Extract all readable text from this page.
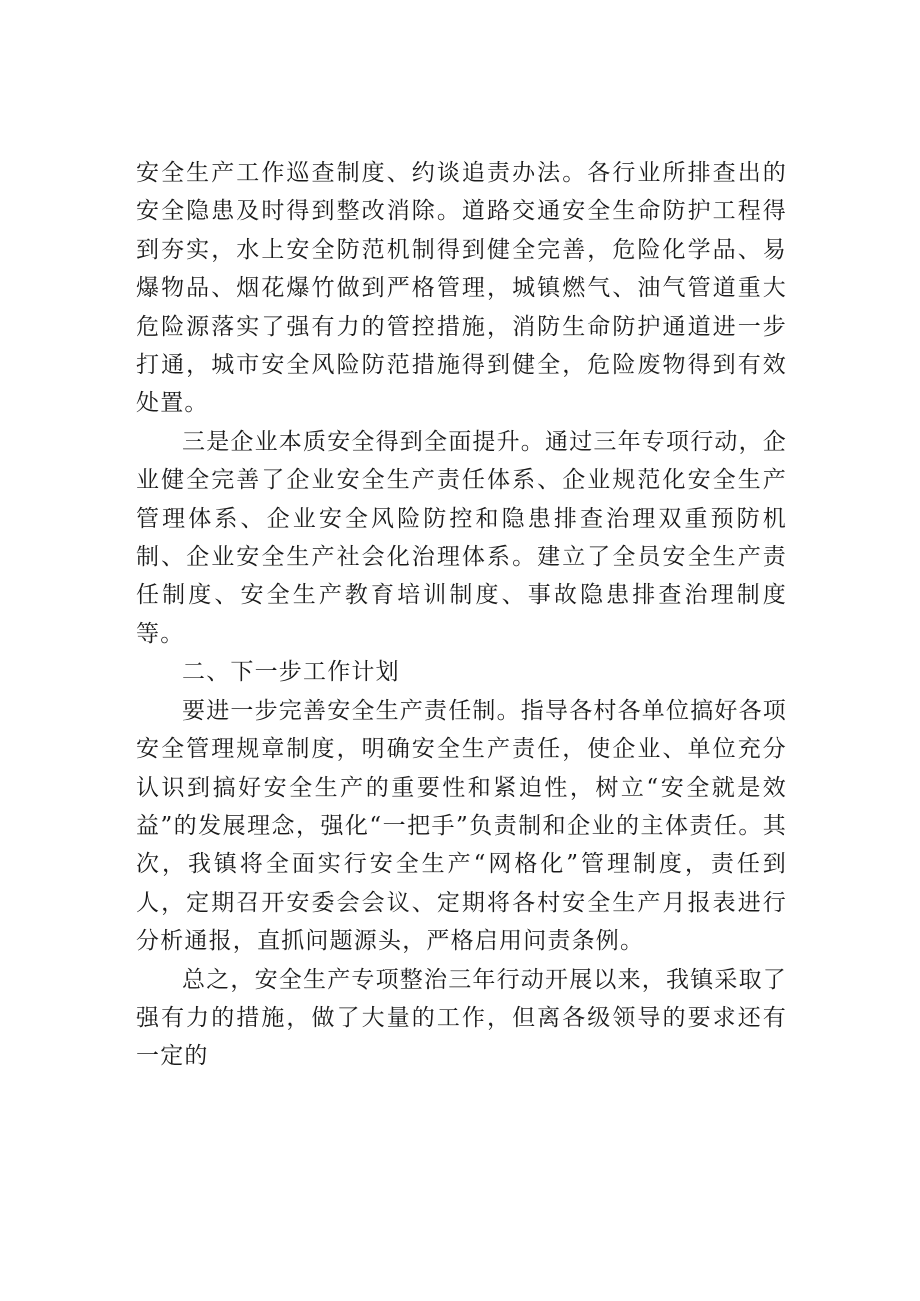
安全生产工作巡查制度、约谈追责办法。各行业所排查出的安全隐患及时得到整改消除。道路交通安全生命防护工程得到夯实，水上安全防范机制得到健全完善，危险化学品、易爆物品、烟花爆竹做到严格管理，城镇燃气、油气管道重大危险源落实了强有力的管控措施，消防生命防护通道进一步打通，城市安全风险防范措施得到健全，危险废物得到有效处置。

三是企业本质安全得到全面提升。通过三年专项行动，企业健全完善了企业安全生产责任体系、企业规范化安全生产管理体系、企业安全风险防控和隐患排查治理双重预防机制、企业安全生产社会化治理体系。建立了全员安全生产责任制度、安全生产教育培训制度、事故隐患排查治理制度等。

二、下一步工作计划

要进一步完善安全生产责任制。指导各村各单位搞好各项安全管理规章制度，明确安全生产责任，使企业、单位充分认识到搞好安全生产的重要性和紧迫性，树立“安全就是效益”的发展理念，强化“一把手”负责制和企业的主体责任。其次，我镇将全面实行安全生产“网格化”管理制度，责任到人，定期召开安委会会议、定期将各村安全生产月报表进行分析通报，直抓问题源头，严格启用问责条例。

总之，安全生产专项整治三年行动开展以来，我镇采取了强有力的措施，做了大量的工作，但离各级领导的要求还有一定的
